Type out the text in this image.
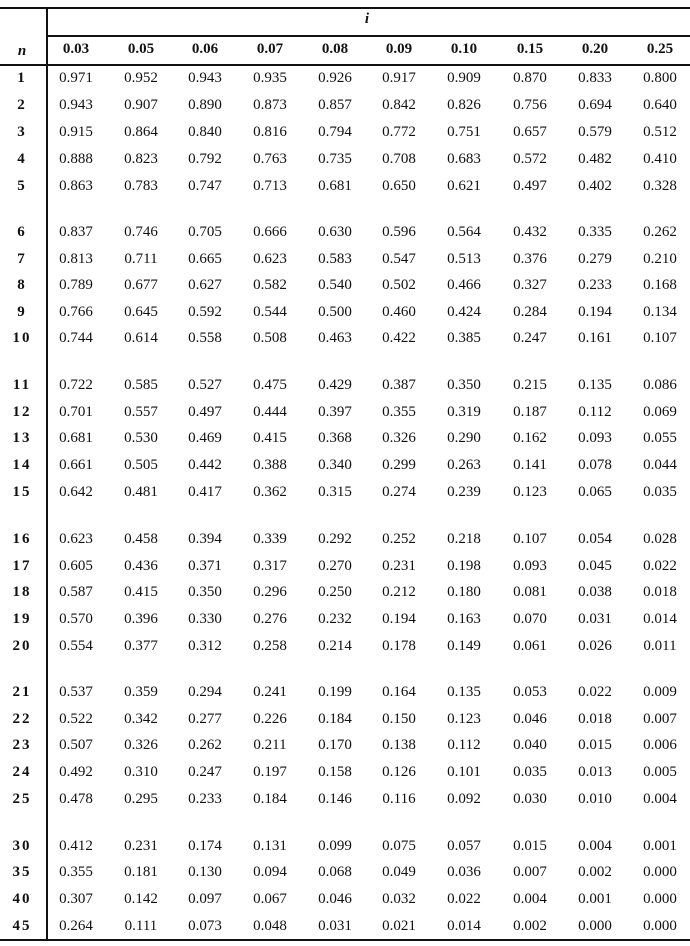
i
n	0.03	0.05	0.06	0.07	0.08	0.09	0.10	0.15	0.20	0.25
1	0.971	0.952	0.943	0.935	0.926	0.917	0.909	0.870	0.833	0.800
2	0.943	0.907	0.890	0.873	0.857	0.842	0.826	0.756	0.694	0.640
3	0.915	0.864	0.840	0.816	0.794	0.772	0.751	0.657	0.579	0.512
4	0.888	0.823	0.792	0.763	0.735	0.708	0.683	0.572	0.482	0.410
5	0.863	0.783	0.747	0.713	0.681	0.650	0.621	0.497	0.402	0.328
6	0.837	0.746	0.705	0.666	0.630	0.596	0.564	0.432	0.335	0.262
7	0.813	0.711	0.665	0.623	0.583	0.547	0.513	0.376	0.279	0.210
8	0.789	0.677	0.627	0.582	0.540	0.502	0.466	0.327	0.233	0.168
9	0.766	0.645	0.592	0.544	0.500	0.460	0.424	0.284	0.194	0.134
10	0.744	0.614	0.558	0.508	0.463	0.422	0.385	0.247	0.161	0.107
11	0.722	0.585	0.527	0.475	0.429	0.387	0.350	0.215	0.135	0.086
12	0.701	0.557	0.497	0.444	0.397	0.355	0.319	0.187	0.112	0.069
13	0.681	0.530	0.469	0.415	0.368	0.326	0.290	0.162	0.093	0.055
14	0.661	0.505	0.442	0.388	0.340	0.299	0.263	0.141	0.078	0.044
15	0.642	0.481	0.417	0.362	0.315	0.274	0.239	0.123	0.065	0.035
16	0.623	0.458	0.394	0.339	0.292	0.252	0.218	0.107	0.054	0.028
17	0.605	0.436	0.371	0.317	0.270	0.231	0.198	0.093	0.045	0.022
18	0.587	0.415	0.350	0.296	0.250	0.212	0.180	0.081	0.038	0.018
19	0.570	0.396	0.330	0.276	0.232	0.194	0.163	0.070	0.031	0.014
20	0.554	0.377	0.312	0.258	0.214	0.178	0.149	0.061	0.026	0.011
21	0.537	0.359	0.294	0.241	0.199	0.164	0.135	0.053	0.022	0.009
22	0.522	0.342	0.277	0.226	0.184	0.150	0.123	0.046	0.018	0.007
23	0.507	0.326	0.262	0.211	0.170	0.138	0.112	0.040	0.015	0.006
24	0.492	0.310	0.247	0.197	0.158	0.126	0.101	0.035	0.013	0.005
25	0.478	0.295	0.233	0.184	0.146	0.116	0.092	0.030	0.010	0.004
30	0.412	0.231	0.174	0.131	0.099	0.075	0.057	0.015	0.004	0.001
35	0.355	0.181	0.130	0.094	0.068	0.049	0.036	0.007	0.002	0.000
40	0.307	0.142	0.097	0.067	0.046	0.032	0.022	0.004	0.001	0.000
45	0.264	0.111	0.073	0.048	0.031	0.021	0.014	0.002	0.000	0.000
